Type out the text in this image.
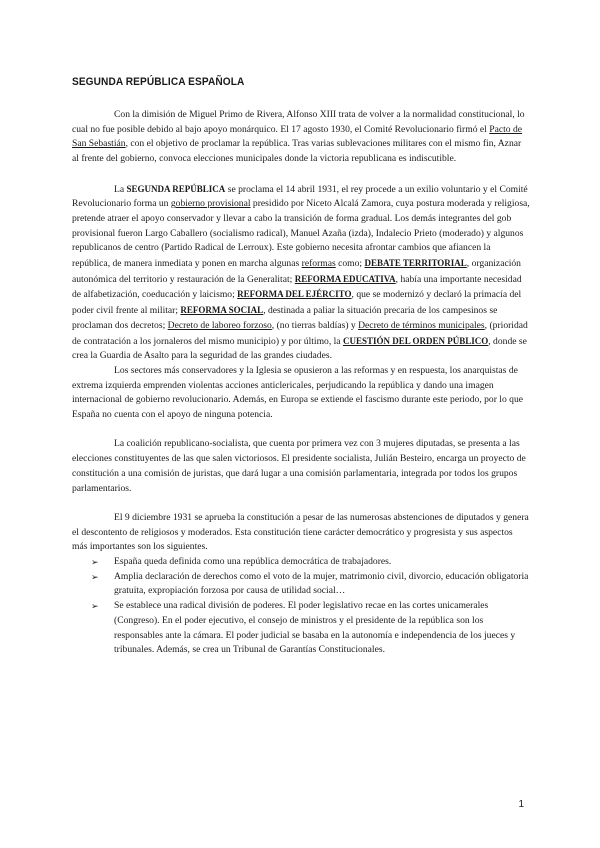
SEGUNDA REPÚBLICA ESPAÑOLA

Con la dimisión de Miguel Primo de Rivera, Alfonso XIII trata de volver a la normalidad constitucional, lo cual no fue posible debido al bajo apoyo monárquico. El 17 agosto 1930, el Comité Revolucionario firmó el Pacto de San Sebastián, con el objetivo de proclamar la república. Tras varias sublevaciones militares con el mismo fin, Aznar al frente del gobierno, convoca elecciones municipales donde la victoria republicana es indiscutible.

La SEGUNDA REPÚBLICA se proclama el 14 abril 1931, el rey procede a un exilio voluntario y el Comité Revolucionario forma un gobierno provisional presidido por Niceto Alcalá Zamora, cuya postura moderada y religiosa, pretende atraer el apoyo conservador y llevar a cabo la transición de forma gradual. Los demás integrantes del gob provisional fueron Largo Caballero (socialismo radical), Manuel Azaña (izda), Indalecio Prieto (moderado) y algunos republicanos de centro (Partido Radical de Lerroux). Este gobierno necesita afrontar cambios que afiancen la república, de manera inmediata y ponen en marcha algunas reformas como; DEBATE TERRITORIAL, organización autonómica del territorio y restauración de la Generalitat; REFORMA EDUCATIVA, había una importante necesidad de alfabetización, coeducación y laicismo; REFORMA DEL EJÉRCITO, que se modernizó y declaró la primacía del poder civil frente al militar; REFORMA SOCIAL, destinada a paliar la situación precaria de los campesinos se proclaman dos decretos; Decreto de laboreo forzoso, (no tierras baldías) y Decreto de términos municipales, (prioridad de contratación a los jornaleros del mismo municipio) y por último, la CUESTIÓN DEL ORDEN PÚBLICO, donde se crea la Guardia de Asalto para la seguridad de las grandes ciudades.

Los sectores más conservadores y la Iglesia se opusieron a las reformas y en respuesta, los anarquistas de extrema izquierda emprenden violentas acciones anticlericales, perjudicando la república y dando una imagen internacional de gobierno revolucionario. Además, en Europa se extiende el fascismo durante este periodo, por lo que España no cuenta con el apoyo de ninguna potencia.

La coalición republicano-socialista, que cuenta por primera vez con 3 mujeres diputadas, se presenta a las elecciones constituyentes de las que salen victoriosos. El presidente socialista, Julián Besteiro, encarga un proyecto de constitución a una comisión de juristas, que dará lugar a una comisión parlamentaria, integrada por todos los grupos parlamentarios.

El 9 diciembre 1931 se aprueba la constitución a pesar de las numerosas abstenciones de diputados y genera el descontento de religiosos y moderados. Esta constitución tiene carácter democrático y progresista y sus aspectos más importantes son los siguientes.

➢ España queda definida como una república democrática de trabajadores.
➢ Amplia declaración de derechos como el voto de la mujer, matrimonio civil, divorcio, educación obligatoria gratuita, expropiación forzosa por causa de utilidad social…
➢ Se establece una radical división de poderes. El poder legislativo recae en las cortes unicamerales (Congreso). En el poder ejecutivo, el consejo de ministros y el presidente de la república son los responsables ante la cámara. El poder judicial se basaba en la autonomía e independencia de los jueces y tribunales. Además, se crea un Tribunal de Garantías Constitucionales.
1
